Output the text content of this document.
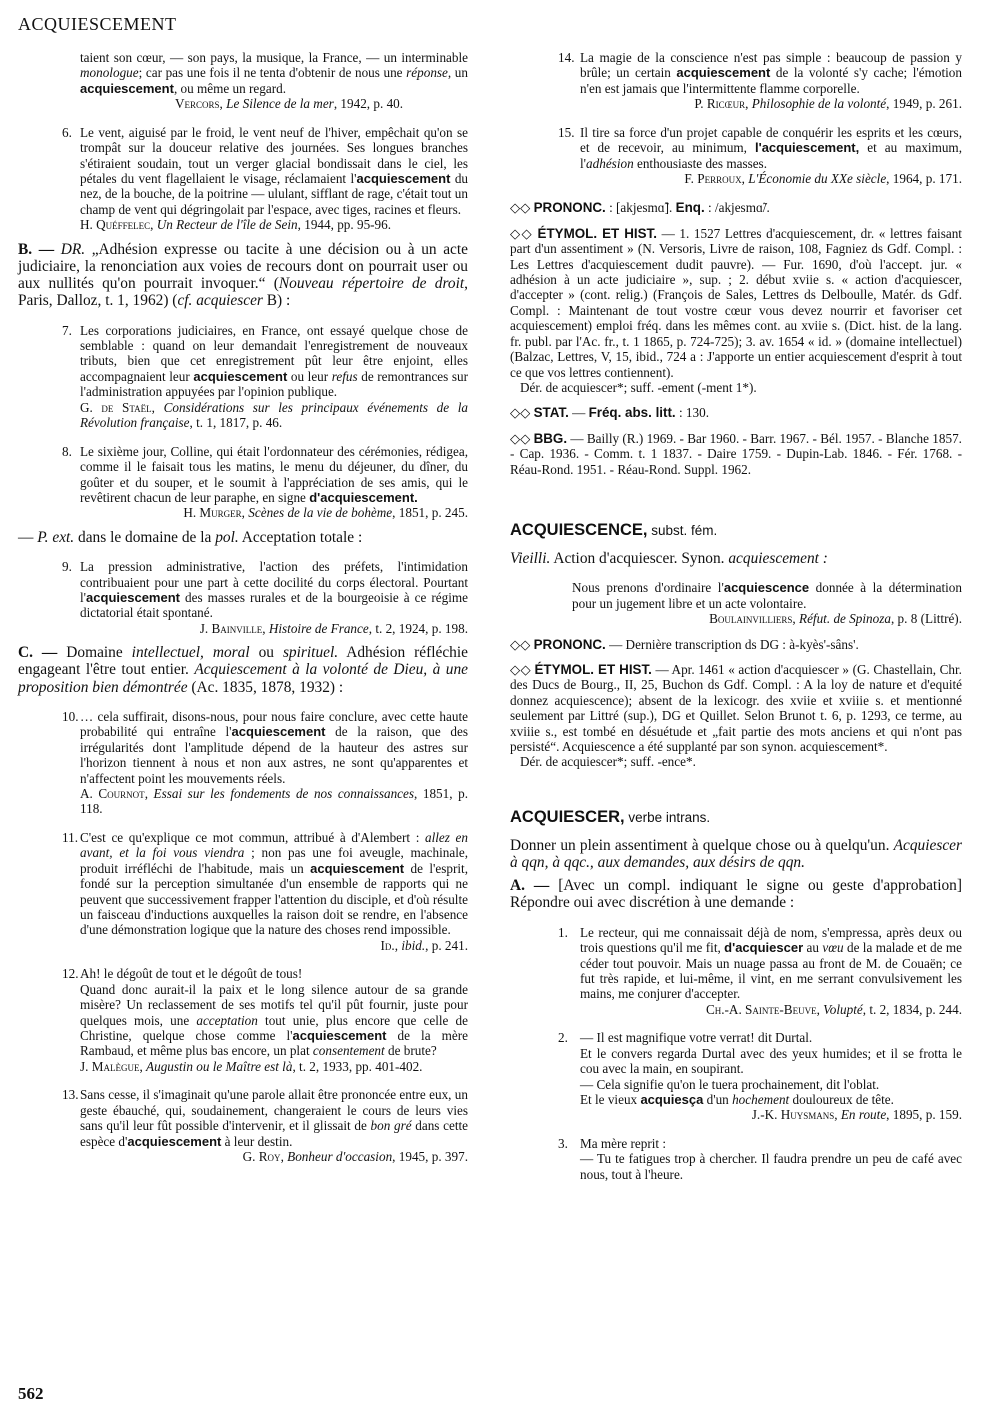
ACQUIESCEMENT

taient son cœur, — son pays, la musique, la France, — un interminable monologue; car pas une fois il ne tenta d'obtenir de nous une réponse, un acquiescement, ou même un regard.
Vercors, Le Silence de la mer, 1942, p. 40.

6. Le vent, aiguisé par le froid, le vent neuf de l'hiver, empêchait qu'on se trompât sur la douceur relative des journées. Ses longues branches s'étiraient soudain, tout un verger glacial bondissait dans le ciel, les pétales du vent flagellaient le visage, réclamaient l'acquiescement du nez, de la bouche, de la poitrine — ululant, sifflant de rage, c'était tout un champ de vent qui dégringolait par l'espace, avec tiges, racines et fleurs.
H. Quéffelec, Un Recteur de l'île de Sein, 1944, pp. 95-96.

B. — DR. „Adhésion expresse ou tacite à une décision ou à un acte judiciaire, la renonciation aux voies de recours dont on pourrait user ou aux nullités qu'on pourrait invoquer.“ (Nouveau répertoire de droit, Paris, Dalloz, t. 1, 1962) (cf. acquiescer B) :

7. Les corporations judiciaires, en France, ont essayé quelque chose de semblable : quand on leur demandait l'enregistrement de nouveaux tributs, bien que cet enregistrement pût leur être enjoint, elles accompagnaient leur acquiescement ou leur refus de remontrances sur l'administration appuyées par l'opinion publique.
G. de Staël, Considérations sur les principaux événements de la Révolution française, t. 1, 1817, p. 46.

8. Le sixième jour, Colline, qui était l'ordonnateur des cérémonies, rédigea, comme il le faisait tous les matins, le menu du déjeuner, du dîner, du goûter et du souper, et le soumit à l'appréciation de ses amis, qui le revêtirent chacun de leur paraphe, en signe d'acquiescement.
H. Murger, Scènes de la vie de bohème, 1851, p. 245.

— P. ext. dans le domaine de la pol. Acceptation totale :

9. La pression administrative, l'action des préfets, l'intimidation contribuaient pour une part à cette docilité du corps électoral. Pourtant l'acquiescement des masses rurales et de la bourgeoisie à ce régime dictatorial était spontané.
J. Bainville, Histoire de France, t. 2, 1924, p. 198.

C. — Domaine intellectuel, moral ou spirituel. Adhésion réfléchie engageant l'être tout entier. Acquiescement à la volonté de Dieu, à une proposition bien démontrée (Ac. 1835, 1878, 1932) :

10. … cela suffirait, disons-nous, pour nous faire conclure, avec cette haute probabilité qui entraîne l'acquiescement de la raison, que des irrégularités dont l'amplitude dépend de la hauteur des astres sur l'horizon tiennent à nous et non aux astres, ne sont qu'apparentes et n'affectent point les mouvements réels.
A. Cournot, Essai sur les fondements de nos connaissances, 1851, p. 118.

11. C'est ce qu'explique ce mot commun, attribué à d'Alembert : allez en avant, et la foi vous viendra ; non pas une foi aveugle, machinale, produit irréfléchi de l'habitude, mais un acquiescement de l'esprit, fondé sur la perception simultanée d'un ensemble de rapports qui ne peuvent que successivement frapper l'attention du disciple, et d'où résulte un faisceau d'inductions auxquelles la raison doit se rendre, en l'absence d'une démonstration logique que la nature des choses rend impossible.
Id., ibid., p. 241.

12. Ah! le dégoût de tout et le dégoût de tous!
Quand donc aurait-il la paix et le long silence autour de sa grande misère? Un reclassement de ses motifs tel qu'il pût fournir, juste pour quelques mois, une acceptation tout unie, plus encore que celle de Christine, quelque chose comme l'acquiescement de la mère Rambaud, et même plus bas encore, un plat consentement de brute?
J. Malègue, Augustin ou le Maître est là, t. 2, 1933, pp. 401-402.

13. Sans cesse, il s'imaginait qu'une parole allait être prononcée entre eux, un geste ébauché, qui, soudainement, changeraient le cours de leurs vies sans qu'il leur fût possible d'intervenir, et il glissait de bon gré dans cette espèce d'acquiescement à leur destin.
G. Roy, Bonheur d'occasion, 1945, p. 397.

14. La magie de la conscience n'est pas simple : beaucoup de passion y brûle; un certain acquiescement de la volonté s'y cache; l'émotion n'en est jamais que l'intermittente flamme corporelle.
P. Ricœur, Philosophie de la volonté, 1949, p. 261.

15. Il tire sa force d'un projet capable de conquérir les esprits et les cœurs, et de recevoir, au minimum, l'acquiescement, et au maximum, l'adhésion enthousiaste des masses.
F. Perroux, L'Économie du XXe siècle, 1964, p. 171.

◇◇ PRONONC. : [akjesmɑ̃]. Enq. : /akjesmɑ̃/.

◇◇ ÉTYMOL. ET HIST. — 1. 1527 Lettres d'acquiescement, dr. « lettres faisant part d'un assentiment » (N. Versoris, Livre de raison, 108, Fagniez ds Gdf. Compl. : Les Lettres d'acquiescement dudit pauvre). — Fur. 1690, d'où l'accept. jur. « adhésion à un acte judiciaire », sup. ; 2. début xviie s. « action d'acquiescer, d'accepter » (cont. relig.) (François de Sales, Lettres ds Delboulle, Matér. ds Gdf. Compl. : Maintenant de tout vostre cœur vous devez nourrir et favoriser cet acquiescement) emploi fréq. dans les mêmes cont. au xviie s. (Dict. hist. de la lang. fr. publ. par l'Ac. fr., t. 1 1865, p. 724-725); 3. av. 1654 « id. » (domaine intellectuel) (Balzac, Lettres, V, 15, ibid., 724 a : J'apporte un entier acquiescement d'esprit à tout ce que vos lettres contiennent).
Dér. de acquiescer*; suff. -ement (-ment 1*).

◇◇ STAT. — Fréq. abs. litt. : 130.

◇◇ BBG. — Bailly (R.) 1969. - Bar 1960. - Barr. 1967. - Bél. 1957. - Blanche 1857. - Cap. 1936. - Comm. t. 1 1837. - Daire 1759. - Dupin-Lab. 1846. - Fér. 1768. - Réau-Rond. 1951. - Réau-Rond. Suppl. 1962.

ACQUIESCENCE, subst. fém.

Vieilli. Action d'acquiescer. Synon. acquiescement :

Nous prenons d'ordinaire l'acquiescence donnée à la détermination pour un jugement libre et un acte volontaire.
Boulainvilliers, Réfut. de Spinoza, p. 8 (Littré).

◇◇ PRONONC. — Dernière transcription ds DG : à-kyès'-sâns'.

◇◇ ÉTYMOL. ET HIST. — Apr. 1461 « action d'acquiescer » (G. Chastellain, Chr. des Ducs de Bourg., II, 25, Buchon ds Gdf. Compl. : A la loy de nature et d'equité donnez acquiescence); absent de la lexicogr. des xviie et xviiie s. et mentionné seulement par Littré (sup.), DG et Quillet. Selon Brunot t. 6, p. 1293, ce terme, au xviiie s., est tombé en désuétude et „fait partie des mots anciens et qui n'ont pas persisté“. Acquiescence a été supplanté par son synon. acquiescement*.
Dér. de acquiescer*; suff. -ence*.

ACQUIESCER, verbe intrans.

Donner un plein assentiment à quelque chose ou à quelqu'un. Acquiescer à qqn, à qqc., aux demandes, aux désirs de qqn.

A. — [Avec un compl. indiquant le signe ou geste d'approbation] Répondre oui avec discrétion à une demande :

1. Le recteur, qui me connaissait déjà de nom, s'empressa, après deux ou trois questions qu'il me fit, d'acquiescer au vœu de la malade et de me céder tout pouvoir. Mais un nuage passa au front de M. de Couaën; ce fut très rapide, et lui-même, il vint, en me serrant convulsivement les mains, me conjurer d'accepter.
Ch.-A. Sainte-Beuve, Volupté, t. 2, 1834, p. 244.

2. — Il est magnifique votre verrat! dit Durtal.
Et le convers regarda Durtal avec des yeux humides; et il se frotta le cou avec la main, en soupirant.
— Cela signifie qu'on le tuera prochainement, dit l'oblat.
Et le vieux acquiesça d'un hochement douloureux de tête.
J.-K. Huysmans, En route, 1895, p. 159.

3. Ma mère reprit :
— Tu te fatigues trop à chercher. Il faudra prendre un peu de café avec nous, tout à l'heure.

562
